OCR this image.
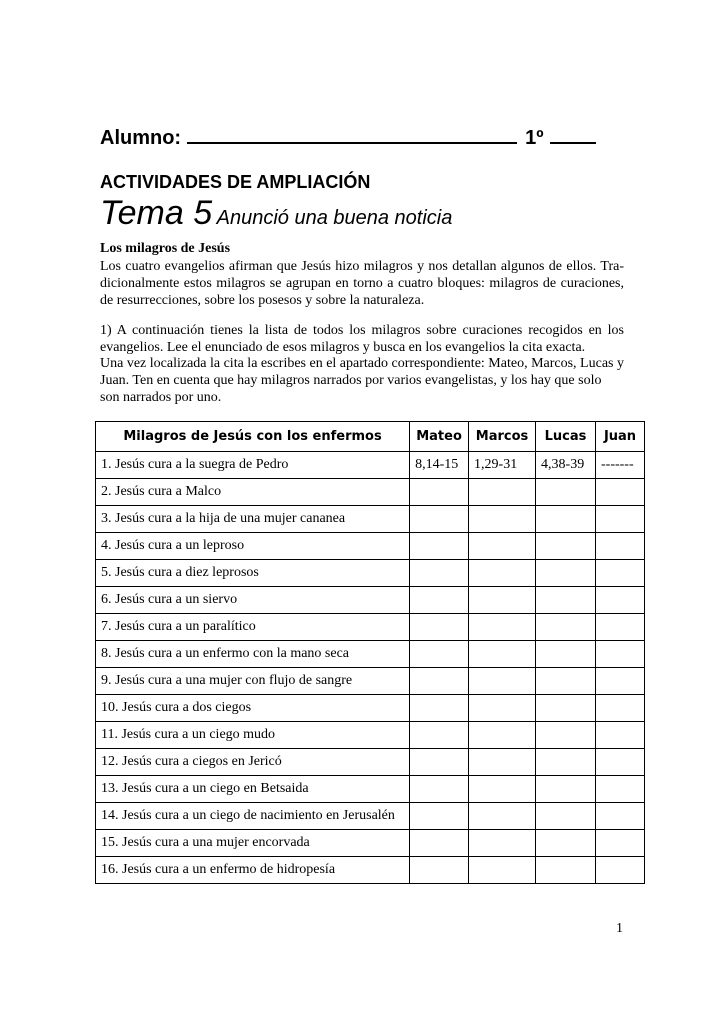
Alumno:	1º
ACTIVIDADES DE AMPLIACIÓN
Tema 5 Anunció una buena noticia
Los milagros de Jesús

Los cuatro evangelios afirman que Jesús hizo milagros y nos detallan algunos de ellos. Tra-dicionalmente estos milagros se agrupan en torno a cuatro bloques: milagros de curaciones, de resurrecciones, sobre los posesos y sobre la naturaleza.

1) A continuación tienes la lista de todos los milagros sobre curaciones recogidos en los evangelios. Lee el enunciado de esos milagros y busca en los evangelios la cita exacta.

Una vez localizada la cita la escribes en el apartado correspondiente: Mateo, Marcos, Lucas y Juan. Ten en cuenta que hay milagros narrados por varios evangelistas, y los hay que solo son narrados por uno.

Milagros de Jesús con los enfermos	Mateo	Marcos	Lucas	Juan
1. Jesús cura a la suegra de Pedro	8,14-15	1,29-31	4,38-39	-------
2. Jesús cura a Malco				
3. Jesús cura a la hija de una mujer cananea				
4. Jesús cura a un leproso				
5. Jesús cura a diez leprosos				
6. Jesús cura a un siervo				
7. Jesús cura a un paralítico				
8. Jesús cura a un enfermo con la mano seca				
9. Jesús cura a una mujer con flujo de sangre				
10. Jesús cura a dos ciegos				
11. Jesús cura a un ciego mudo				
12. Jesús cura a ciegos en Jericó				
13. Jesús cura a un ciego en Betsaida				
14. Jesús cura a un ciego de nacimiento en Jerusalén				
15. Jesús cura a una mujer encorvada				
16. Jesús cura a un enfermo de hidropesía				
1
